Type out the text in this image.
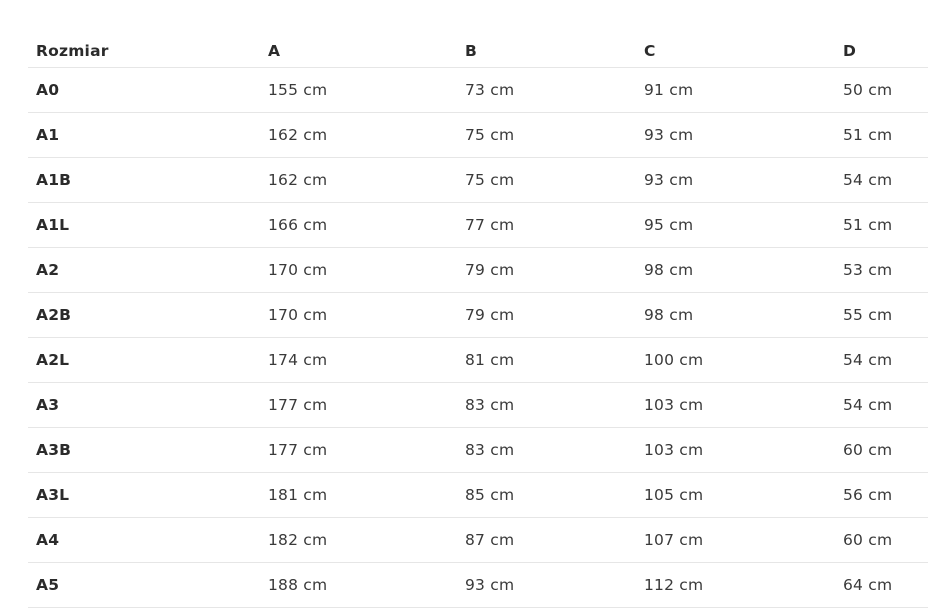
Rozmiar	A	B	C	D
A0	155 cm	73 cm	91 cm	50 cm
A1	162 cm	75 cm	93 cm	51 cm
A1B	162 cm	75 cm	93 cm	54 cm
A1L	166 cm	77 cm	95 cm	51 cm
A2	170 cm	79 cm	98 cm	53 cm
A2B	170 cm	79 cm	98 cm	55 cm
A2L	174 cm	81 cm	100 cm	54 cm
A3	177 cm	83 cm	103 cm	54 cm
A3B	177 cm	83 cm	103 cm	60 cm
A3L	181 cm	85 cm	105 cm	56 cm
A4	182 cm	87 cm	107 cm	60 cm
A5	188 cm	93 cm	112 cm	64 cm
